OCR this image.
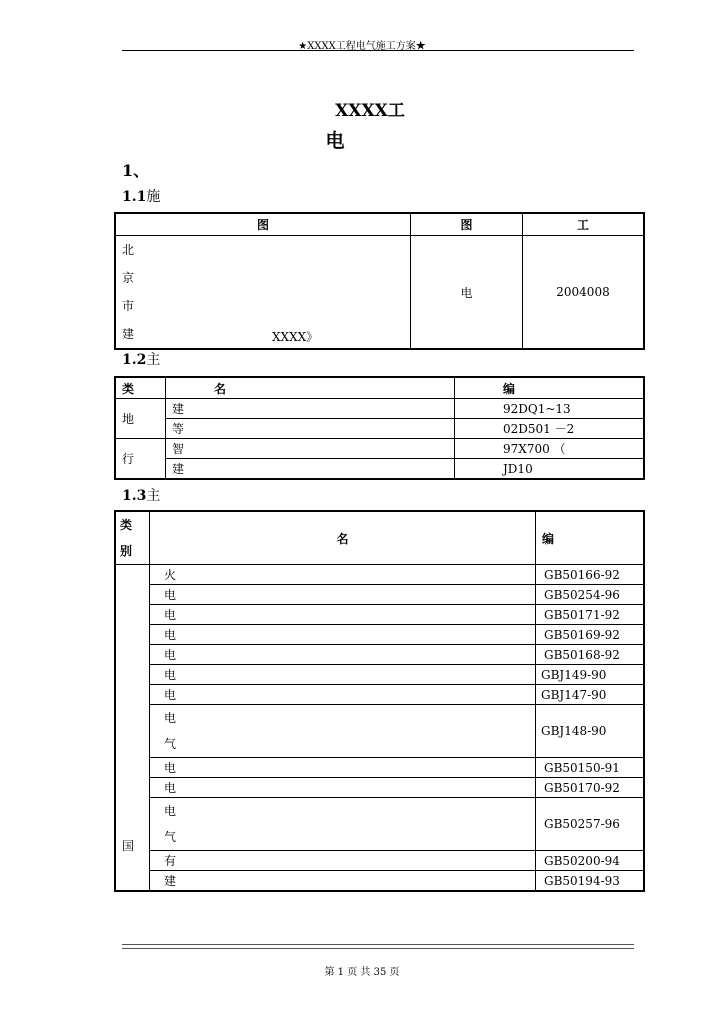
★XXXX工程电气施工方案★
XXXX工
电
1、
1.1施
图	图	工

北
京
市
建 XXXX》	电	2004008
1.2主
类	名	编
地	建	92DQ1~13
	等	02D501 －2
行	智	97X700 （
	建	JD10
1.3主
类
别	名	编
国	火	GB50166-92
	电	GB50254-96
	电	GB50171-92
	电	GB50169-92
	电	GB50168-92
	电	GBJ149-90
	电	GBJ147-90

	电
气	GBJ148-90
	电	GB50150-91
	电	GB50170-92

	电
气	GB50257-96
	有	GB50200-94
	建	GB50194-93
第 1 页 共 35 页
